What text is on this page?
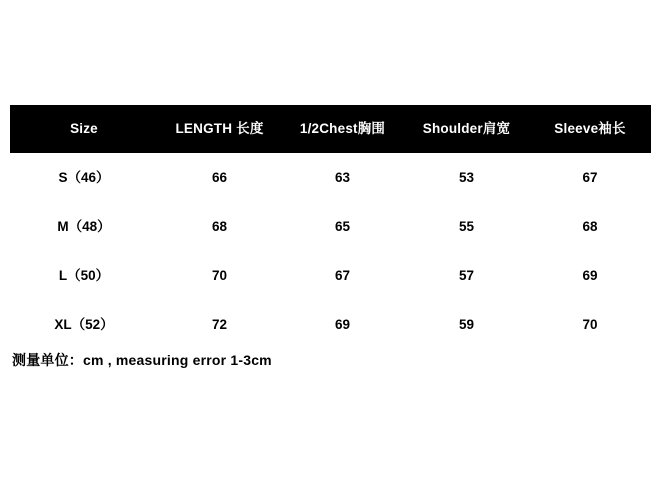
Size	LENGTH 长度	1/2Chest胸围	Shoulder肩宽	Sleeve袖长
S（46）	66	63	53	67
M（48）	68	65	55	68
L（50）	70	67	57	69
XL（52）	72	69	59	70
测量单位：cm , measuring error 1-3cm
